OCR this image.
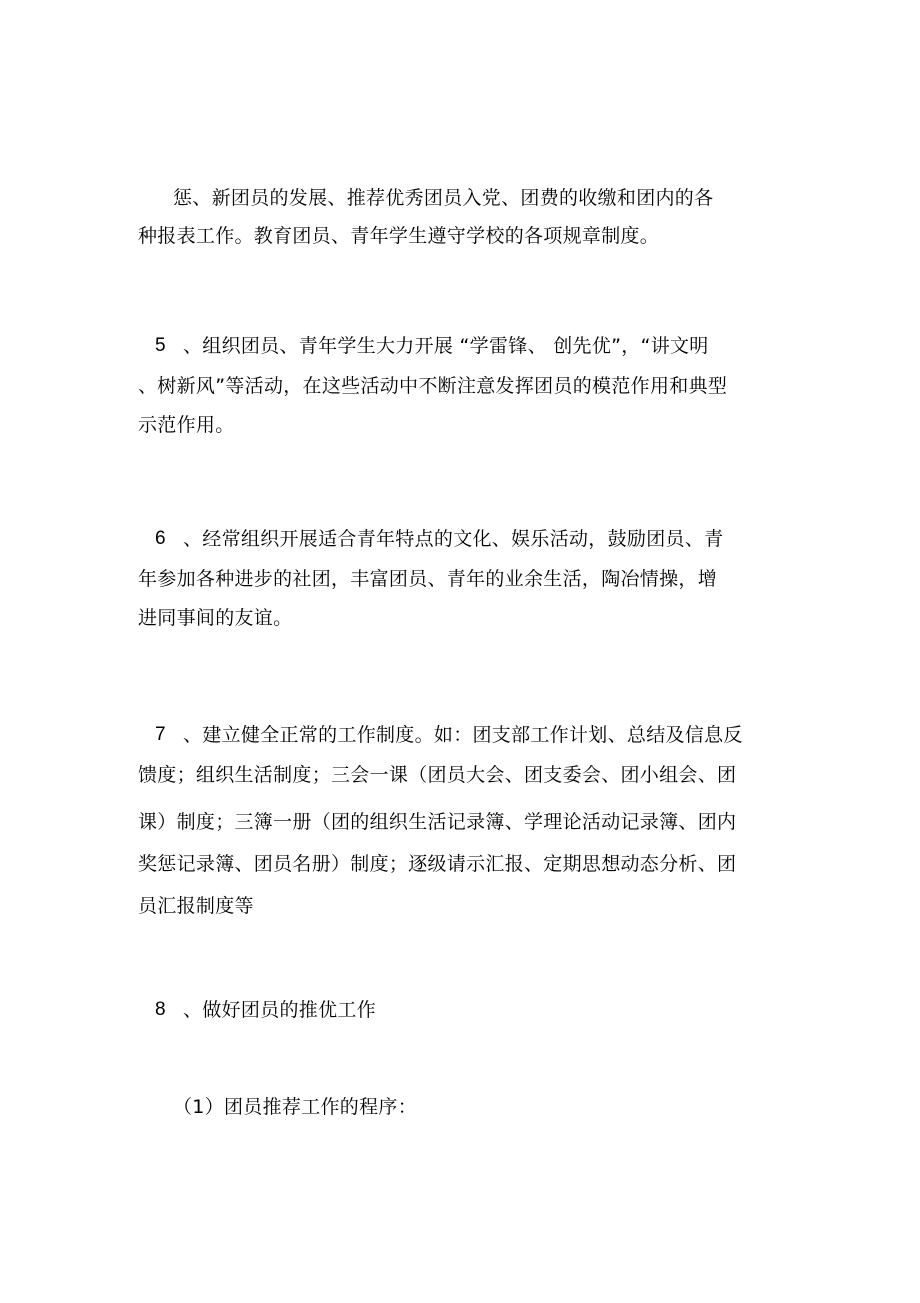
惩、新团员的发展、推荐优秀团员入党、团费的收缴和团内的各
种报表工作。教育团员、青年学生遵守学校的各项规章制度。
5 、组织团员、青年学生大力开展 “学雷锋、 创先优”，“讲文明
、树新风”等活动，在这些活动中不断注意发挥团员的模范作用和典型
示范作用。
6 、经常组织开展适合青年特点的文化、娱乐活动，鼓励团员、青
年参加各种进步的社团，丰富团员、青年的业余生活，陶冶情操，增
进同事间的友谊。
7 、建立健全正常的工作制度。如：团支部工作计划、总结及信息反
馈度；组织生活制度；三会一课（团员大会、团支委会、团小组会、团
课）制度；三簿一册（团的组织生活记录簿、学理论活动记录簿、团内
奖惩记录簿、团员名册）制度；逐级请示汇报、定期思想动态分析、团
员汇报制度等
8 、做好团员的推优工作
（1）团员推荐工作的程序：
